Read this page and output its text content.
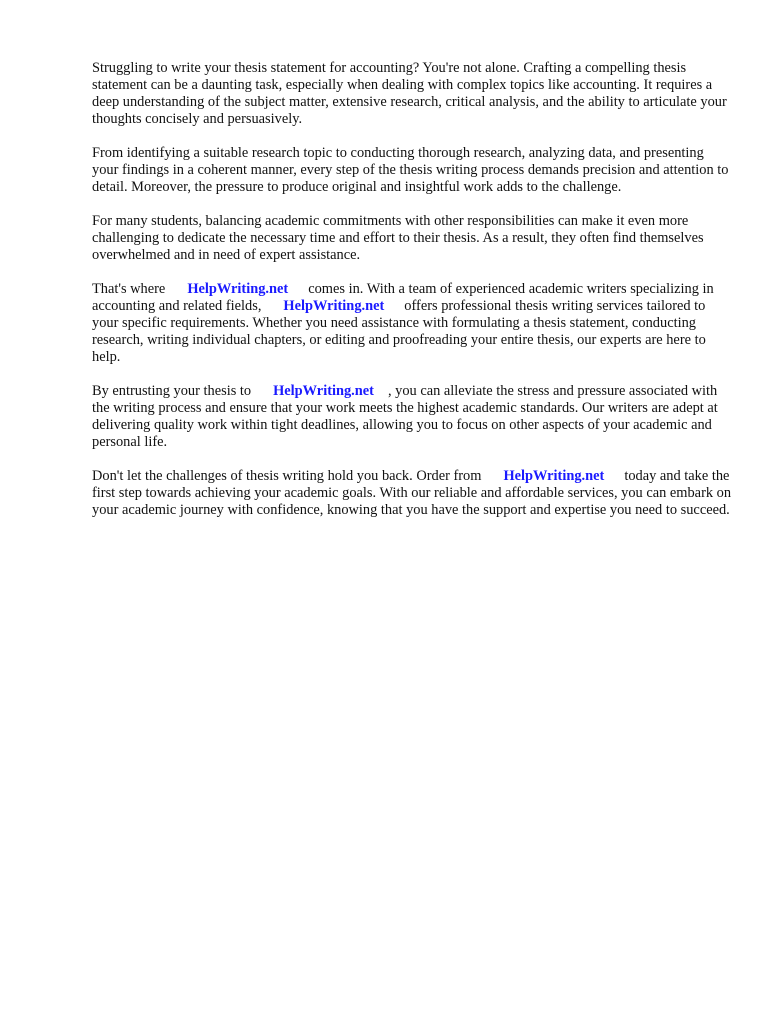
Struggling to write your thesis statement for accounting? You're not alone. Crafting a compelling thesis statement can be a daunting task, especially when dealing with complex topics like accounting. It requires a deep understanding of the subject matter, extensive research, critical analysis, and the ability to articulate your thoughts concisely and persuasively.

From identifying a suitable research topic to conducting thorough research, analyzing data, and presenting your findings in a coherent manner, every step of the thesis writing process demands precision and attention to detail. Moreover, the pressure to produce original and insightful work adds to the challenge.

For many students, balancing academic commitments with other responsibilities can make it even more challenging to dedicate the necessary time and effort to their thesis. As a result, they often find themselves overwhelmed and in need of expert assistance.

That's where HelpWriting.net comes in. With a team of experienced academic writers specializing in accounting and related fields, HelpWriting.net offers professional thesis writing services tailored to your specific requirements. Whether you need assistance with formulating a thesis statement, conducting research, writing individual chapters, or editing and proofreading your entire thesis, our experts are here to help.

By entrusting your thesis to HelpWriting.net , you can alleviate the stress and pressure associated with the writing process and ensure that your work meets the highest academic standards. Our writers are adept at delivering quality work within tight deadlines, allowing you to focus on other aspects of your academic and personal life.

Don't let the challenges of thesis writing hold you back. Order from HelpWriting.net today and take the first step towards achieving your academic goals. With our reliable and affordable services, you can embark on your academic journey with confidence, knowing that you have the support and expertise you need to succeed.
